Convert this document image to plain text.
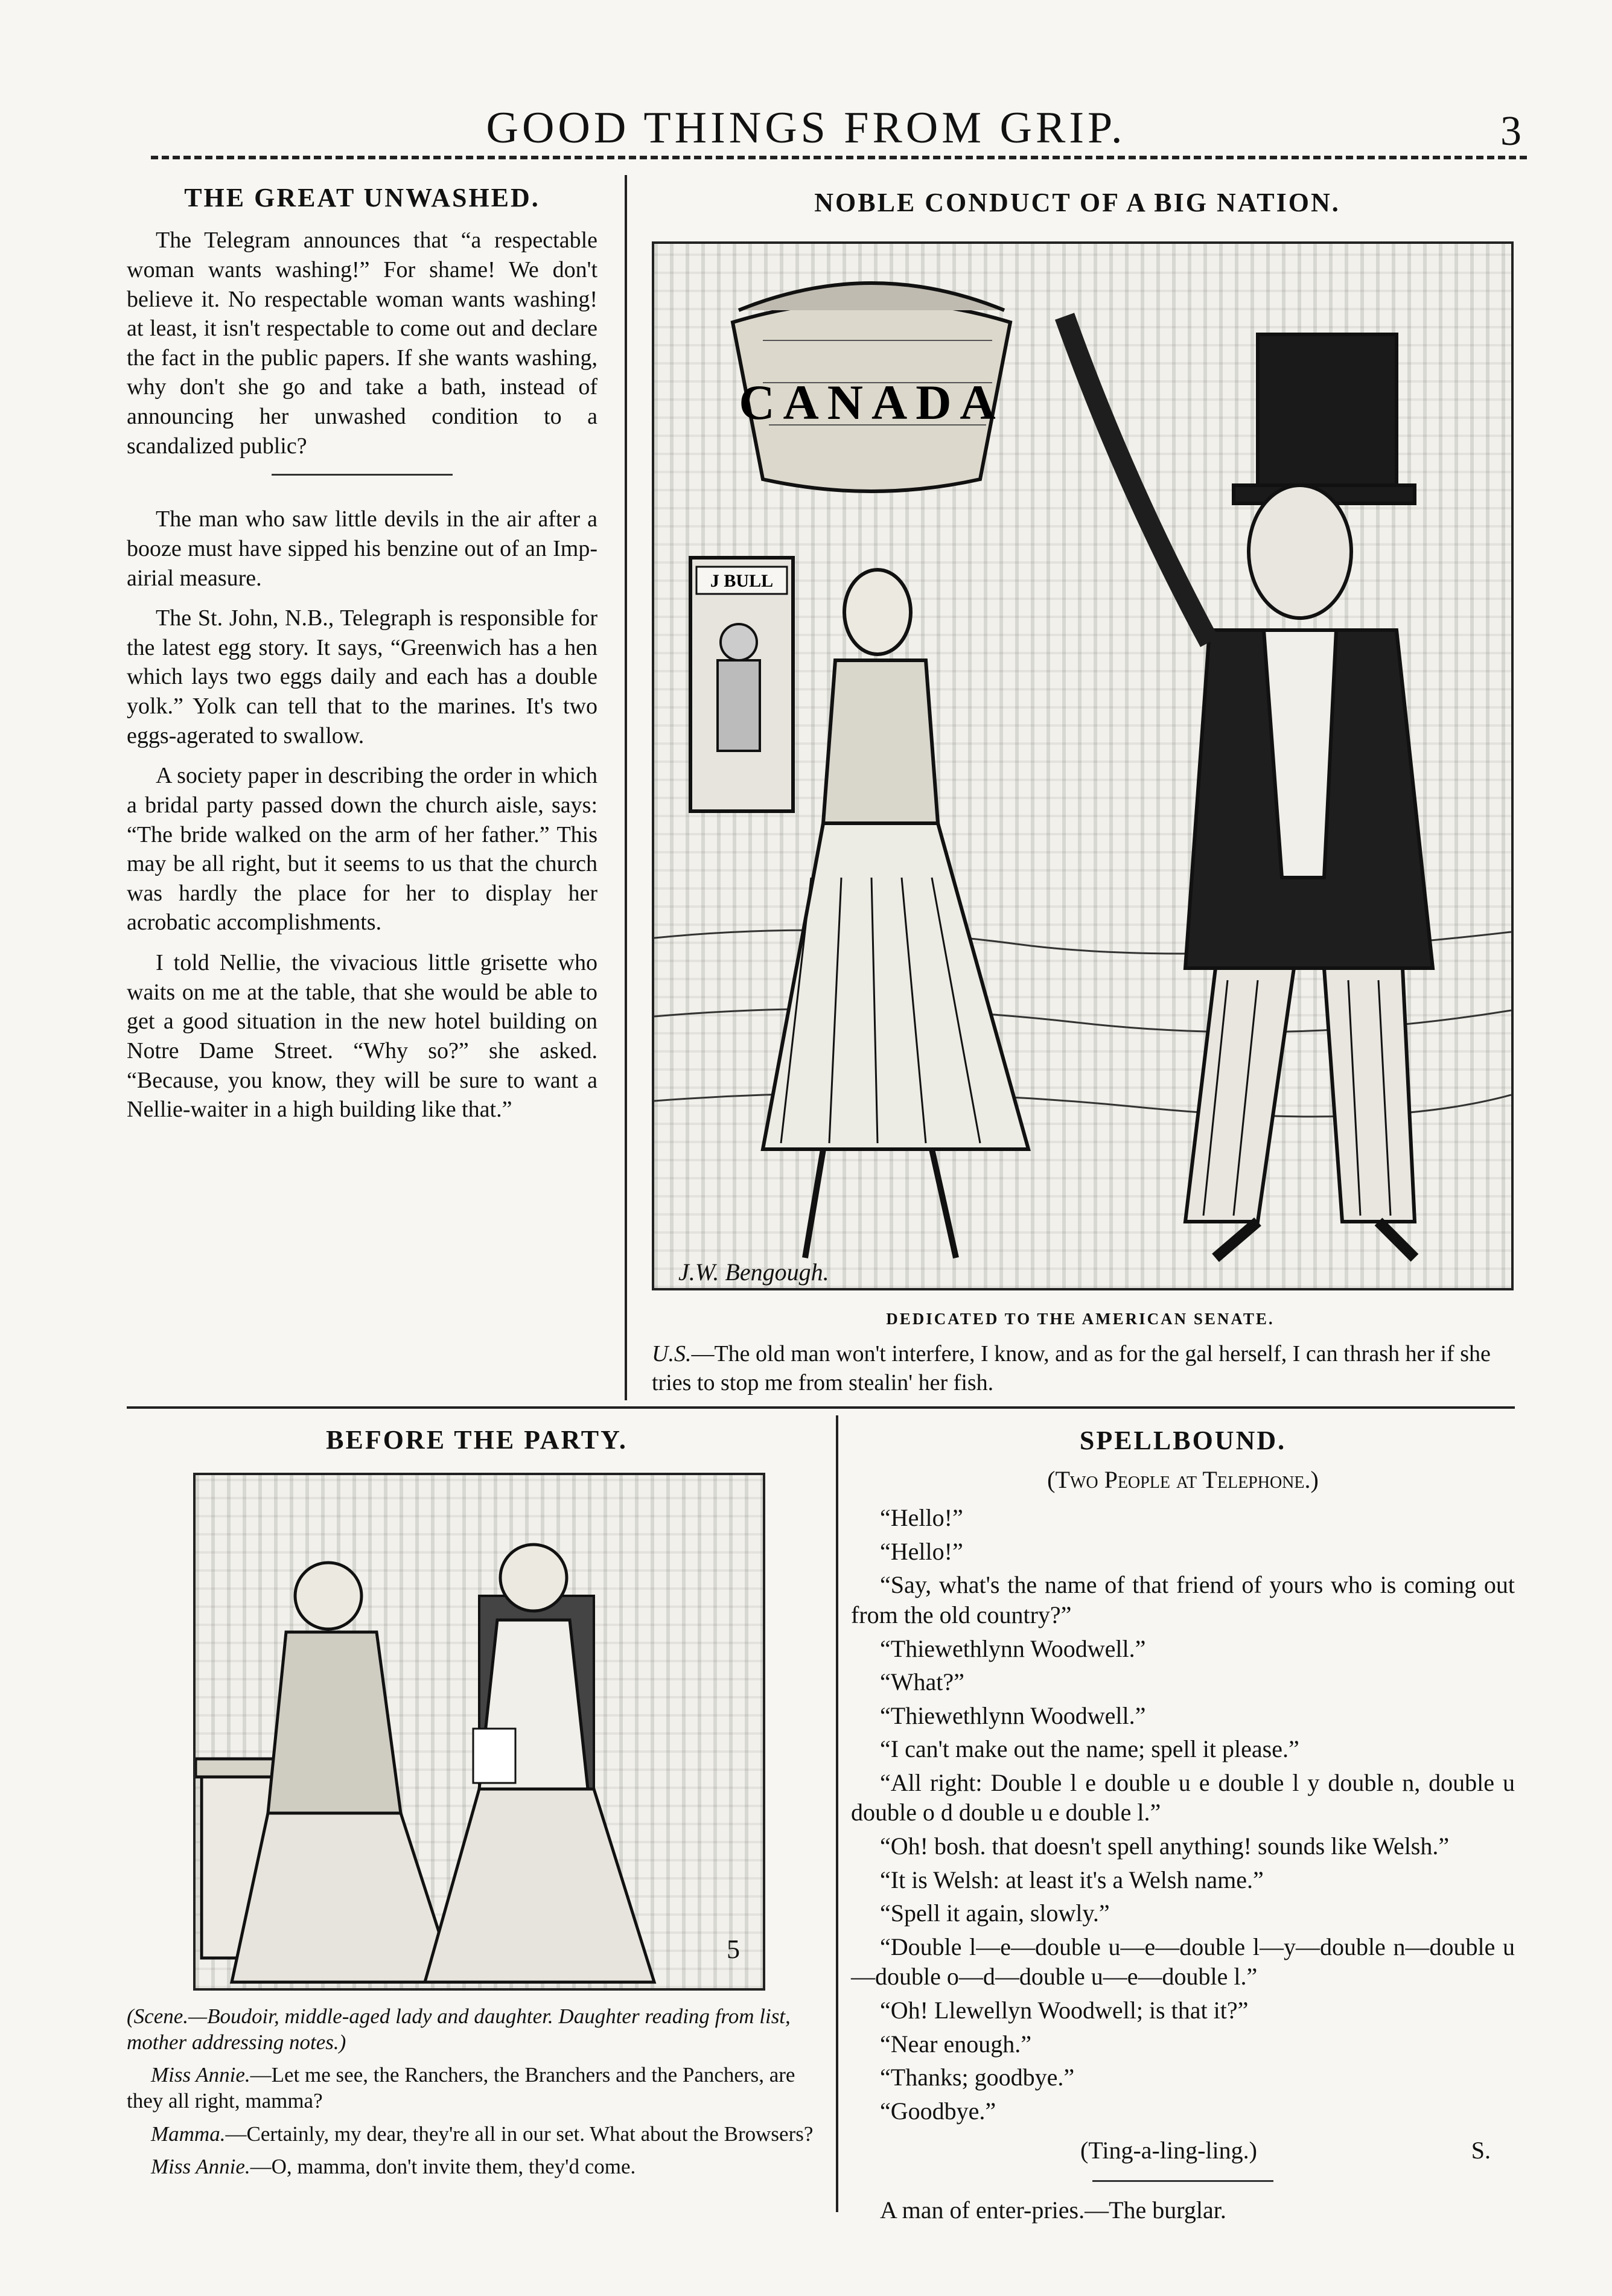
GOOD THINGS FROM GRIP.	3
THE GREAT UNWASHED.

The Telegram announces that “a respectable woman wants washing!” For shame! We don't believe it. No respectable woman wants washing! at least, it isn't respectable to come out and declare the fact in the public papers. If she wants washing, why don't she go and take a bath, instead of announcing her unwashed condition to a scandalized public?

The man who saw little devils in the air after a booze must have sipped his benzine out of an Imp-airial measure.

The St. John, N.B., Telegraph is responsible for the latest egg story. It says, “Greenwich has a hen which lays two eggs daily and each has a double yolk.” Yolk can tell that to the marines. It's two eggs-agerated to swallow.

A society paper in describing the order in which a bridal party passed down the church aisle, says: “The bride walked on the arm of her father.” This may be all right, but it seems to us that the church was hardly the place for her to display her acrobatic accomplishments.

I told Nellie, the vivacious little grisette who waits on me at the table, that she would be able to get a good situation in the new hotel building on Notre Dame Street. “Why so?” she asked. “Because, you know, they will be sure to want a Nellie-waiter in a high building like that.”

NOBLE CONDUCT OF A BIG NATION.
J BULL
CANADA
J.W. Bengough.
DEDICATED TO THE AMERICAN SENATE.
U.S.—The old man won't interfere, I know, and as for the gal herself, I can thrash her if she tries to stop me from stealin' her fish.
BEFORE THE PARTY.
5

(Scene.—Boudoir, middle-aged lady and daughter. Daughter reading from list, mother addressing notes.)

Miss Annie.—Let me see, the Ranchers, the Branchers and the Panchers, are they all right, mamma?

Mamma.—Certainly, my dear, they're all in our set. What about the Browsers?

Miss Annie.—O, mamma, don't invite them, they'd come.

SPELLBOUND.
(Two People at Telephone.)

“Hello!”

“Hello!”

“Say, what's the name of that friend of yours who is coming out from the old country?”

“Thiewethlynn Woodwell.”

“What?”

“Thiewethlynn Woodwell.”

“I can't make out the name; spell it please.”

“All right: Double l e double u e double l y double n, double u double o d double u e double l.”

“Oh! bosh. that doesn't spell anything! sounds like Welsh.”

“It is Welsh: at least it's a Welsh name.”

“Spell it again, slowly.”

“Double l—e—double u—e—double l—y—double n—double u—double o—d—double u—e—double l.”

“Oh! Llewellyn Woodwell; is that it?”

“Near enough.”

“Thanks; goodbye.”

“Goodbye.”

(Ting-a-ling-ling.)	S.

A man of enter-pries.—The burglar.
